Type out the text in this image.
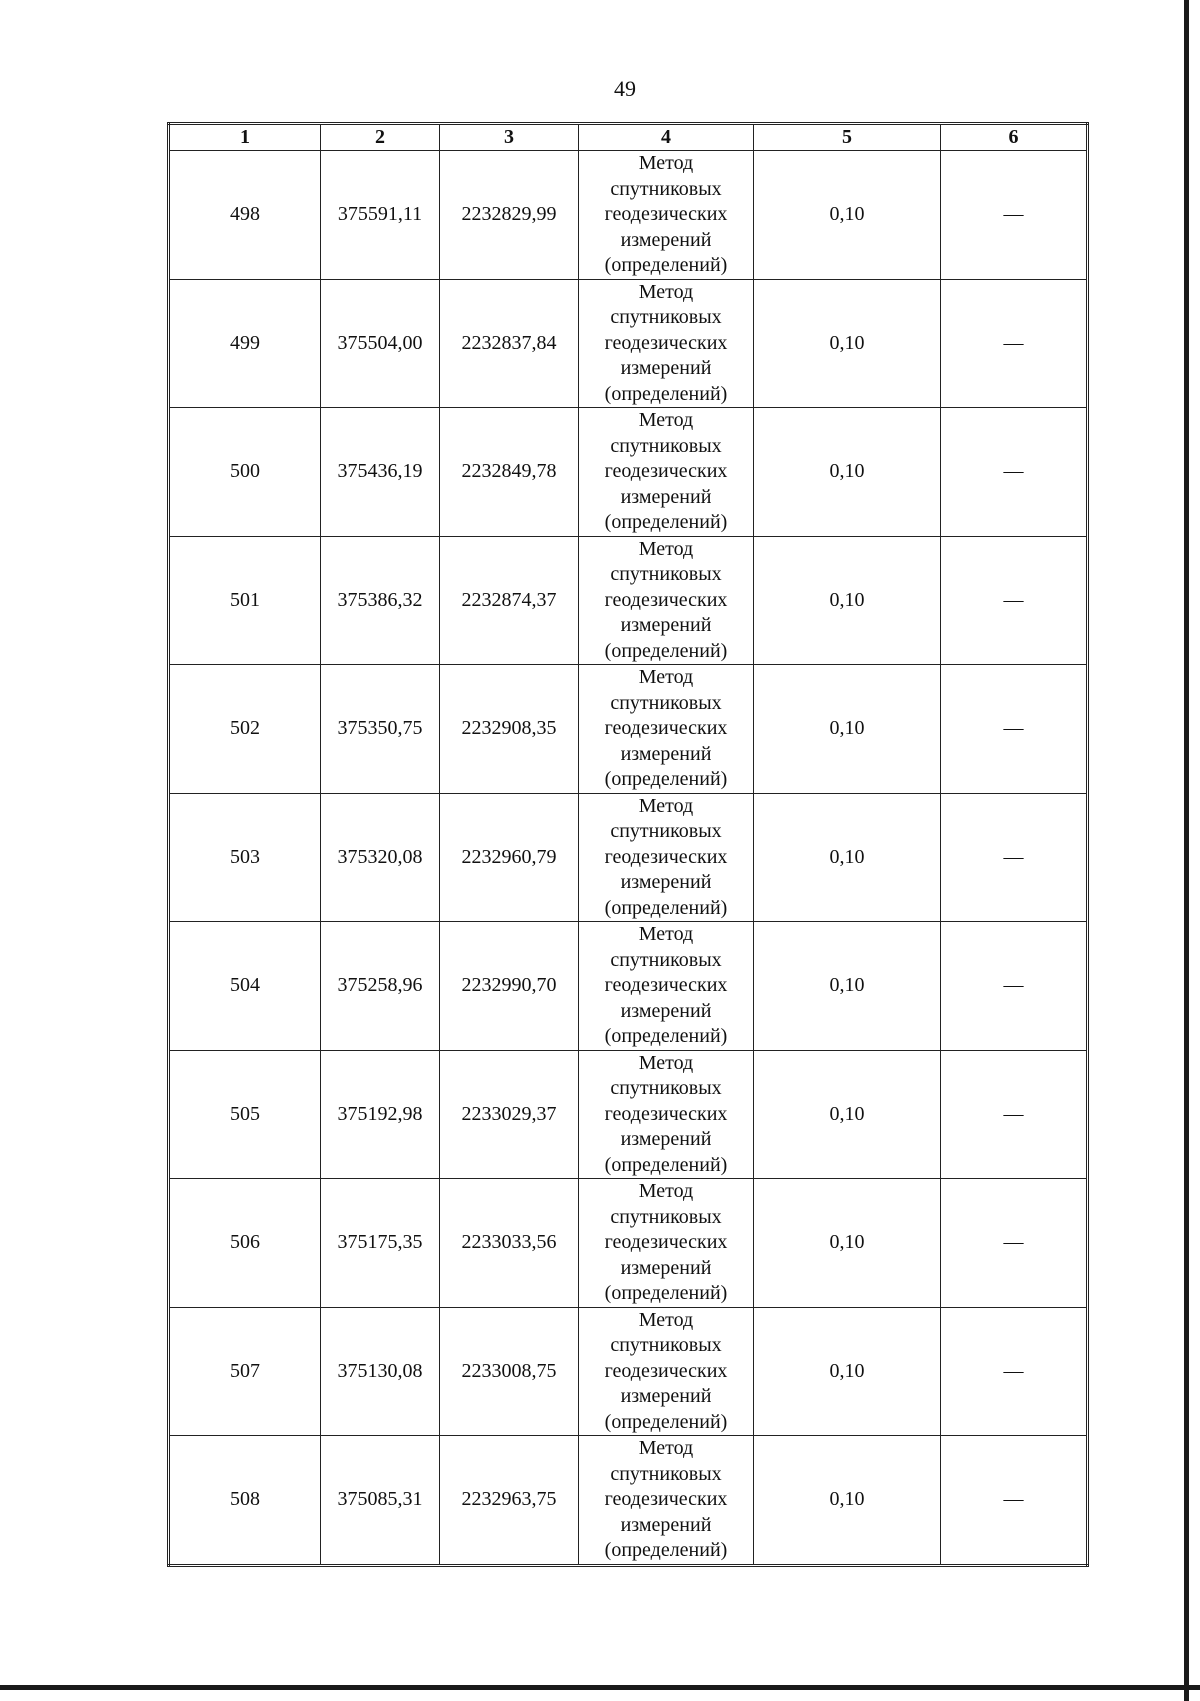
49
1	2	3	4	5	6
498	375591,11	2232829,99	Метод
спутниковых
геодезических
измерений
(определений)	0,10	—
499	375504,00	2232837,84	Метод
спутниковых
геодезических
измерений
(определений)	0,10	—
500	375436,19	2232849,78	Метод
спутниковых
геодезических
измерений
(определений)	0,10	—
501	375386,32	2232874,37	Метод
спутниковых
геодезических
измерений
(определений)	0,10	—
502	375350,75	2232908,35	Метод
спутниковых
геодезических
измерений
(определений)	0,10	—
503	375320,08	2232960,79	Метод
спутниковых
геодезических
измерений
(определений)	0,10	—
504	375258,96	2232990,70	Метод
спутниковых
геодезических
измерений
(определений)	0,10	—
505	375192,98	2233029,37	Метод
спутниковых
геодезических
измерений
(определений)	0,10	—
506	375175,35	2233033,56	Метод
спутниковых
геодезических
измерений
(определений)	0,10	—
507	375130,08	2233008,75	Метод
спутниковых
геодезических
измерений
(определений)	0,10	—
508	375085,31	2232963,75	Метод
спутниковых
геодезических
измерений
(определений)	0,10	—
